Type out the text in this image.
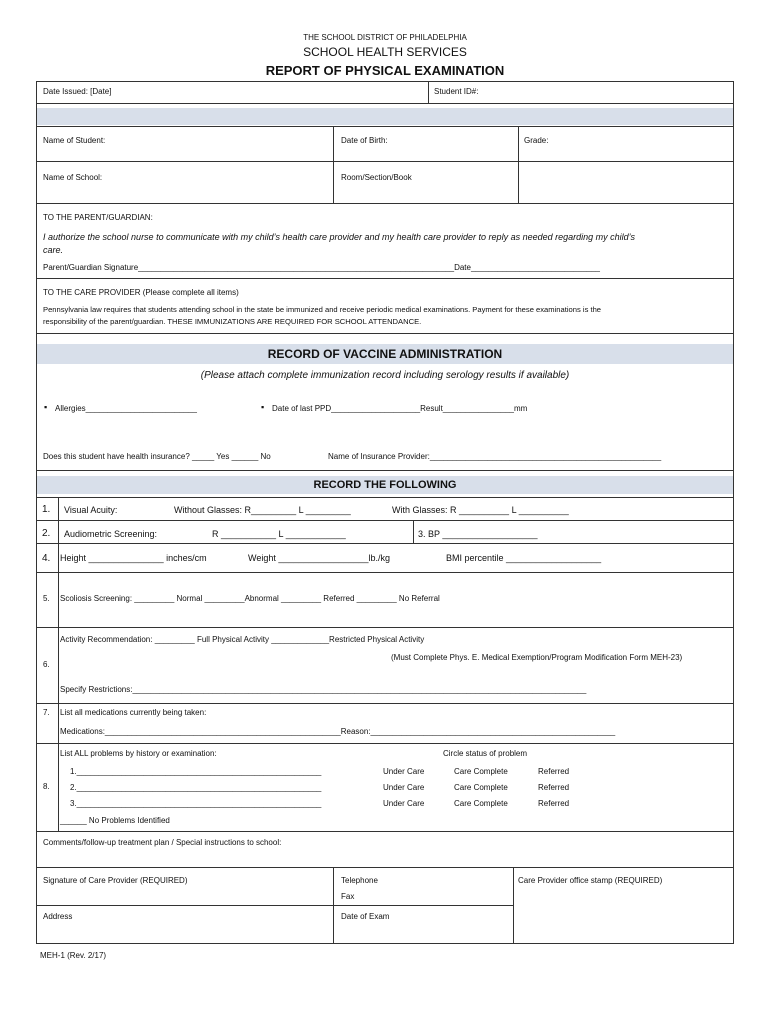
THE SCHOOL DISTRICT OF PHILADELPHIA
SCHOOL HEALTH SERVICES
REPORT OF PHYSICAL EXAMINATION
Date Issued: [Date]	Student ID#:
Name of Student:	Date of Birth:	Grade:
Name of School:	Room/Section/Book
TO THE PARENT/GUARDIAN:
I authorize the school nurse to communicate with my child’s health care provider and my health care provider to reply as needed regarding my child’s
care.
Parent/Guardian Signature_______________________________________________________________________Date_____________________________
TO THE CARE PROVIDER (Please complete all items)
Pennsylvania law requires that students attending school in the state be immunized and receive periodic medical examinations. Payment for these examinations is the
responsibility of the parent/guardian. THESE IMMUNIZATIONS ARE REQUIRED FOR SCHOOL ATTENDANCE.
RECORD OF VACCINE ADMINISTRATION
(Please attach complete immunization record including serology results if available)
▪ Allergies_________________________	▪ Date of last PPD____________________Result________________mm
Does this student have health insurance? _____ Yes ______ No	Name of Insurance Provider:____________________________________________________
RECORD THE FOLLOWING
1. Visual Acuity:	Without Glasses: R_________ L _________	With Glasses: R __________ L __________
2. Audiometric Screening:	R ___________ L ____________	3. BP ___________________
4. Height _______________ inches/cm	Weight __________________lb./kg	BMI percentile ___________________
5. Scoliosis Screening: _________ Normal _________Abnormal _________ Referred _________ No Referral
6.
Activity Recommendation: _________ Full Physical Activity _____________Restricted Physical Activity
(Must Complete Phys. E. Medical Exemption/Program Modification Form MEH-23)
Specify Restrictions:______________________________________________________________________________________________________
7. List all medications currently being taken:
Medications:_____________________________________________________Reason:_______________________________________________________
8.
List ALL problems by history or examination:	Circle status of problem
1._______________________________________________________	Under Care	Care Complete	Referred
2._______________________________________________________	Under Care	Care Complete	Referred
3._______________________________________________________	Under Care	Care Complete	Referred
______ No Problems Identified
Comments/follow-up treatment plan / Special instructions to school:
Signature of Care Provider (REQUIRED)	Telephone
Fax
Care Provider office stamp (REQUIRED)
Address	Date of Exam
MEH-1 (Rev. 2/17)
